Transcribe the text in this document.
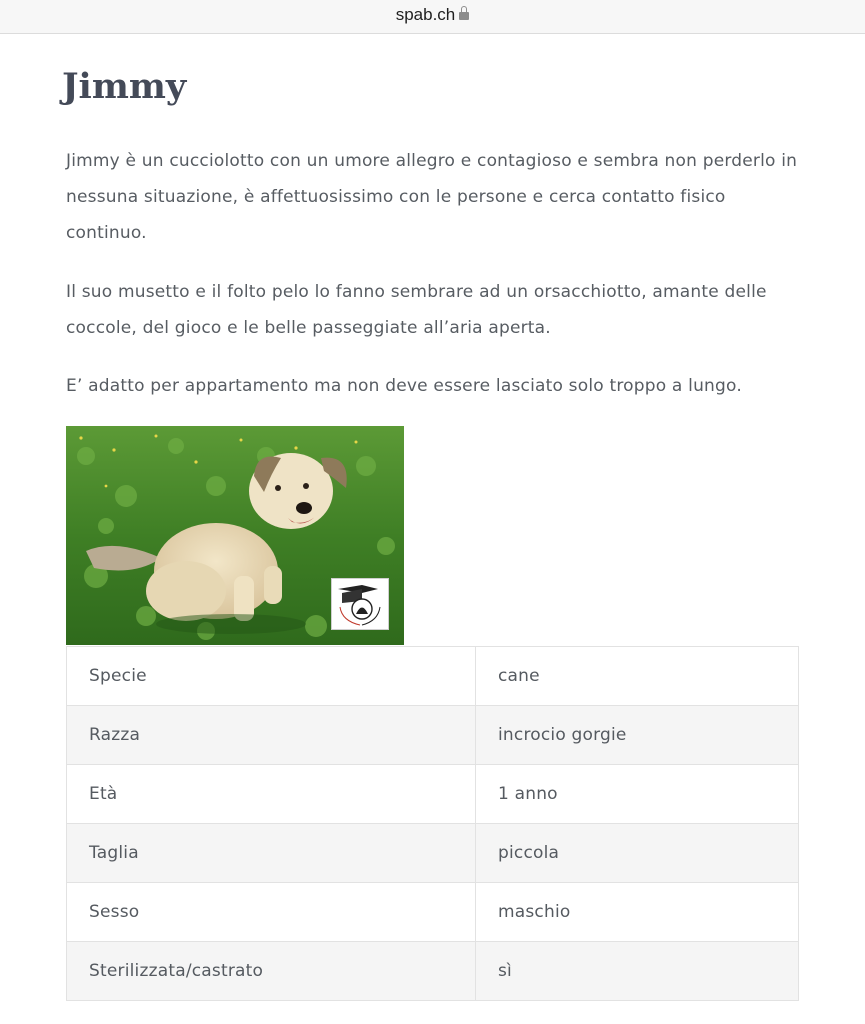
spab.ch
Jimmy

Jimmy è un cucciolotto con un umore allegro e contagioso e sembra non perderlo in nessuna situazione, è affettuosissimo con le persone e cerca contatto fisico continuo.

Il suo musetto e il folto pelo lo fanno sembrare ad un orsacchiotto, amante delle coccole, del gioco e le belle passeggiate all’aria aperta.

E’ adatto per appartamento ma non deve essere lasciato solo troppo a lungo.

Specie	cane
Razza	incrocio gorgie
Età	1 anno
Taglia	piccola
Sesso	maschio
Sterilizzata/castrato	sì
